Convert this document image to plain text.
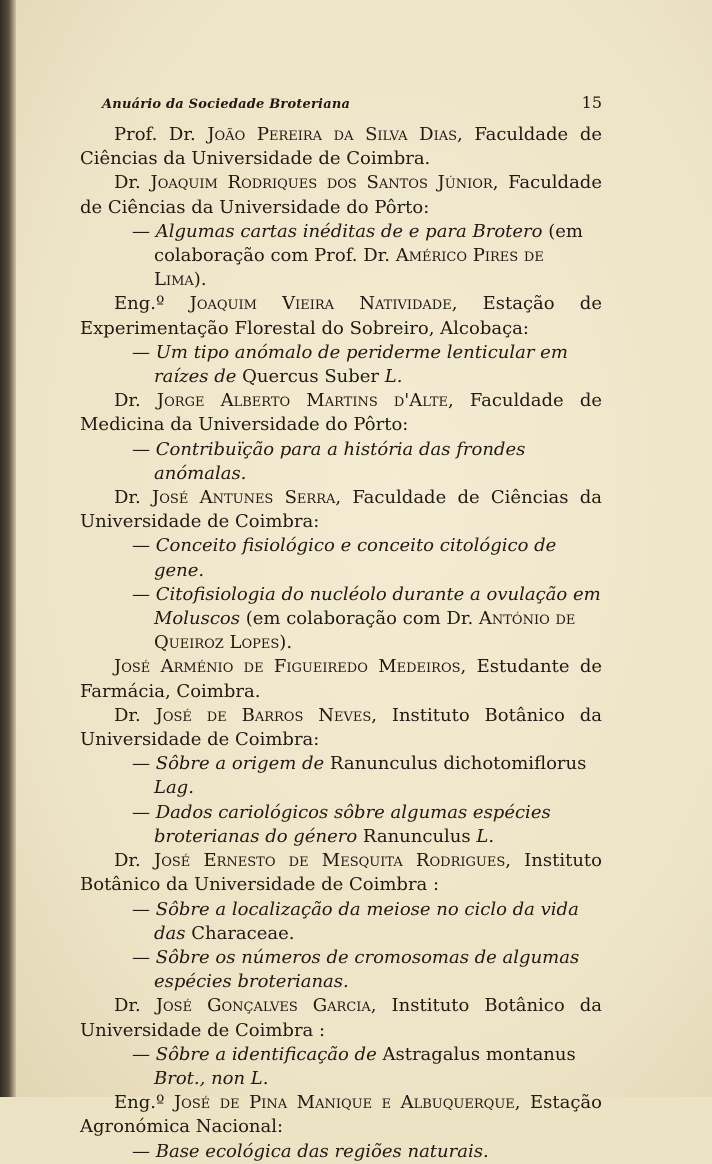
Anuário da Sociedade Broteriana	15

Prof. Dr. João Pereira da Silva Dias, Faculdade de Ciências da Universidade de Coimbra.

Dr. Joaquim Rodriques dos Santos Júnior, Faculdade de Ciências da Universidade do Pôrto:

— Algumas cartas inéditas de e para Brotero (em colaboração com Prof. Dr. Américo Pires de Lima).

Eng.º Joaquim Vieira Natividade, Estação de Experimentação Florestal do Sobreiro, Alcobaça:

— Um tipo anómalo de periderme lenticular em raízes de Quercus Suber L.

Dr. Jorge Alberto Martins d'Alte, Faculdade de Medicina da Universidade do Pôrto:

— Contribuïção para a história das frondes anómalas.

Dr. José Antunes Serra, Faculdade de Ciências da Universidade de Coimbra:

— Conceito fisiológico e conceito citológico de gene.

— Citofisiologia do nucléolo durante a ovulação em Moluscos (em colaboração com Dr. António de Queiroz Lopes).

José Arménio de Figueiredo Medeiros, Estudante de Farmácia, Coimbra.

Dr. José de Barros Neves, Instituto Botânico da Universidade de Coimbra:

— Sôbre a origem de Ranunculus dichotomiflorus Lag.

— Dados cariológicos sôbre algumas espécies broterianas do género Ranunculus L.

Dr. José Ernesto de Mesquita Rodrigues, Instituto Botânico da Universidade de Coimbra :

— Sôbre a localização da meiose no ciclo da vida das Characeae.

— Sôbre os números de cromosomas de algumas espécies broterianas.

Dr. José Gonçalves Garcia, Instituto Botânico da Universidade de Coimbra :

— Sôbre a identificação de Astragalus montanus Brot., non L.

Eng.º José de Pina Manique e Albuquerque, Estação Agronómica Nacional:

— Base ecológica das regiões naturais.
